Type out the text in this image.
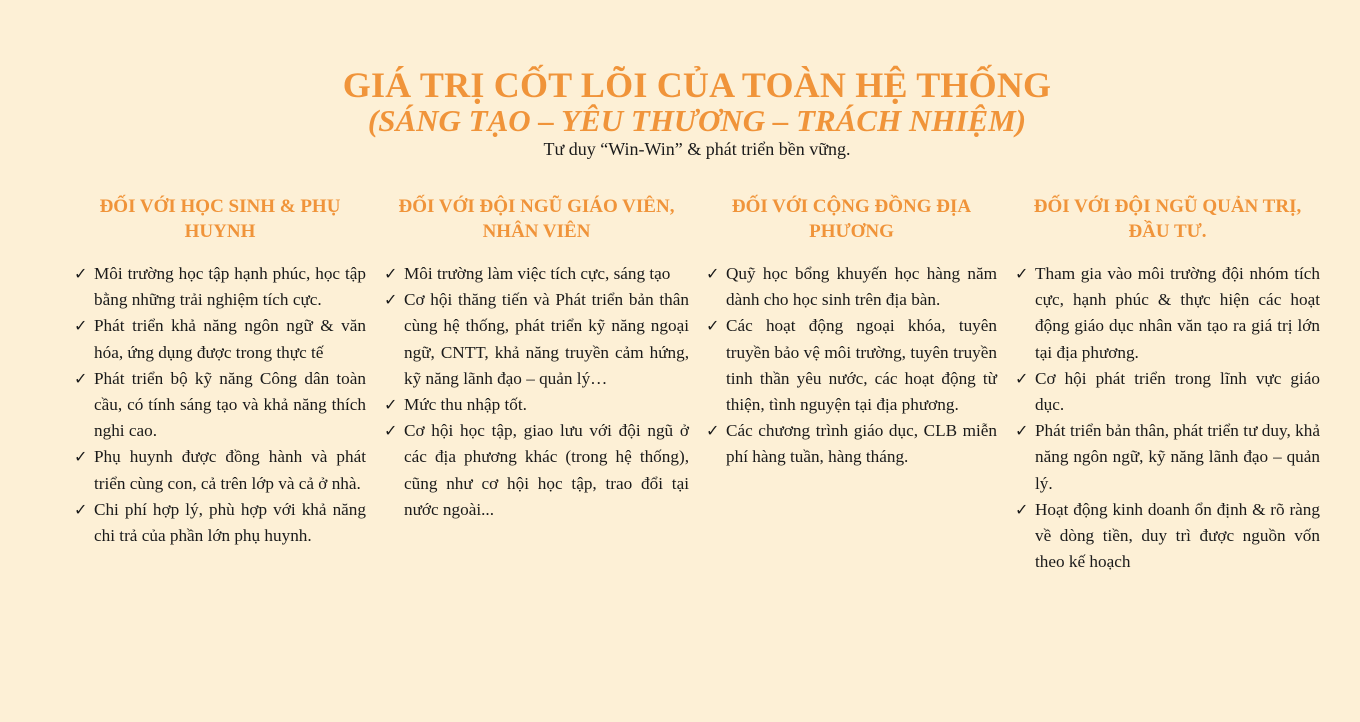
GIÁ TRỊ CỐT LÕI CỦA TOÀN HỆ THỐNG
(SÁNG TẠO – YÊU THƯƠNG – TRÁCH NHIỆM)

Tư duy “Win-Win” & phát triển bền vững.

ĐỐI VỚI HỌC SINH & PHỤ HUYNH
✓ Môi trường học tập hạnh phúc, học tập bằng những trải nghiệm tích cực.
✓ Phát triển khả năng ngôn ngữ & văn hóa, ứng dụng được trong thực tế
✓ Phát triển bộ kỹ năng Công dân toàn cầu, có tính sáng tạo và khả năng thích nghi cao.
✓ Phụ huynh được đồng hành và phát triển cùng con, cả trên lớp và cả ở nhà.
✓ Chi phí hợp lý, phù hợp với khả năng chi trả của phần lớn phụ huynh.
ĐỐI VỚI ĐỘI NGŨ GIÁO VIÊN, NHÂN VIÊN
✓ Môi trường làm việc tích cực, sáng tạo
✓ Cơ hội thăng tiến và Phát triển bản thân cùng hệ thống, phát triển kỹ năng ngoại ngữ, CNTT, khả năng truyền cảm hứng, kỹ năng lãnh đạo – quản lý…
✓ Mức thu nhập tốt.
✓ Cơ hội học tập, giao lưu với đội ngũ ở các địa phương khác (trong hệ thống), cũng như cơ hội học tập, trao đổi tại nước ngoài...
ĐỐI VỚI CỘNG ĐỒNG ĐỊA PHƯƠNG
✓ Quỹ học bổng khuyến học hàng năm dành cho học sinh trên địa bàn.
✓ Các hoạt động ngoại khóa, tuyên truyền bảo vệ môi trường, tuyên truyền tinh thần yêu nước, các hoạt động từ thiện, tình nguyện tại địa phương.
✓ Các chương trình giáo dục, CLB miễn phí hàng tuần, hàng tháng.
ĐỐI VỚI ĐỘI NGŨ QUẢN TRỊ, ĐẦU TƯ.
✓ Tham gia vào môi trường đội nhóm tích cực, hạnh phúc & thực hiện các hoạt động giáo dục nhân văn tạo ra giá trị lớn tại địa phương.
✓ Cơ hội phát triển trong lĩnh vực giáo dục.
✓ Phát triển bản thân, phát triển tư duy, khả năng ngôn ngữ, kỹ năng lãnh đạo – quản lý.
✓ Hoạt động kinh doanh ổn định & rõ ràng về dòng tiền, duy trì được nguồn vốn theo kế hoạch
